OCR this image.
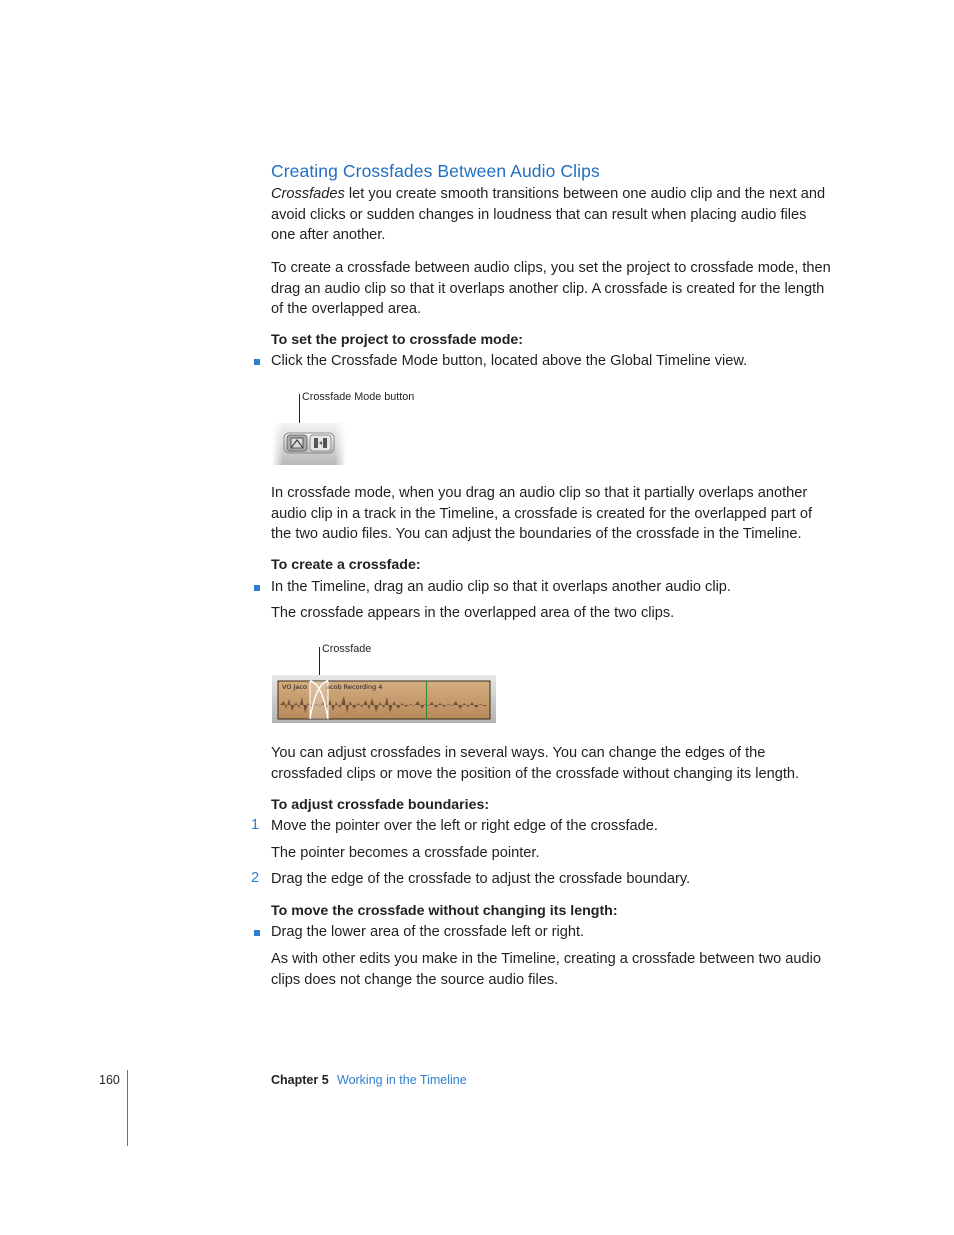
Creating Crossfades Between Audio Clips

Crossfades let you create smooth transitions between one audio clip and the next and avoid clicks or sudden changes in loudness that can result when placing audio files one after another.

To create a crossfade between audio clips, you set the project to crossfade mode, then drag an audio clip so that it overlaps another clip. A crossfade is created for the length of the overlapped area.

To set the project to crossfade mode:

Click the Crossfade Mode button, located above the Global Timeline view.

Crossfade Mode button

In crossfade mode, when you drag an audio clip so that it partially overlaps another audio clip in a track in the Timeline, a crossfade is created for the overlapped part of the two audio files. You can adjust the boundaries of the crossfade in the Timeline.

To create a crossfade:

In the Timeline, drag an audio clip so that it overlaps another audio clip.

The crossfade appears in the overlapped area of the two clips.

Crossfade
VO Jaco	acob Recording 4

You can adjust crossfades in several ways. You can change the edges of the crossfaded clips or move the position of the crossfade without changing its length.

To adjust crossfade boundaries:

1 Move the pointer over the left or right edge of the crossfade.

The pointer becomes a crossfade pointer.

2 Drag the edge of the crossfade to adjust the crossfade boundary.

To move the crossfade without changing its length:

Drag the lower area of the crossfade left or right.

As with other edits you make in the Timeline, creating a crossfade between two audio clips does not change the source audio files.

160	Chapter 5 Working in the Timeline
